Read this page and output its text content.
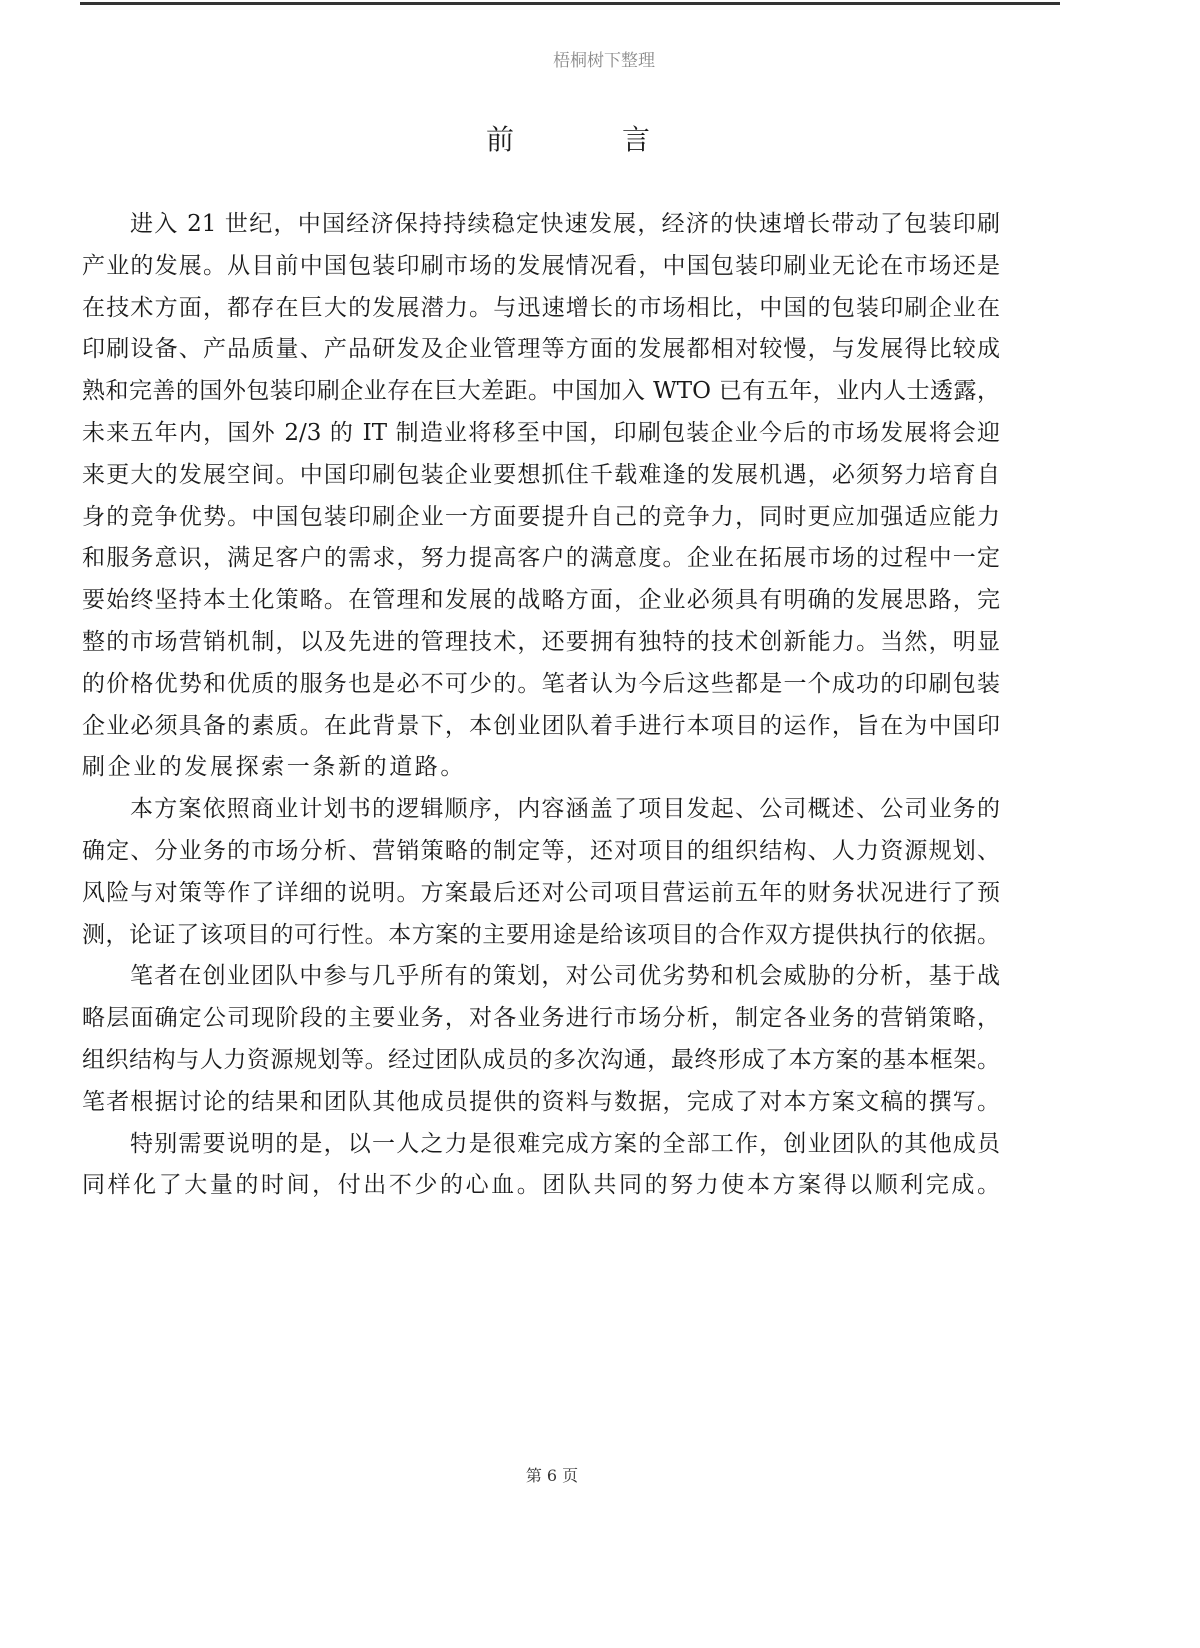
梧桐树下整理
前　言
进入 21 世纪，中国经济保持持续稳定快速发展，经济的快速增长带动了包装印刷
产业的发展。从目前中国包装印刷市场的发展情况看，中国包装印刷业无论在市场还是
在技术方面，都存在巨大的发展潜力。与迅速增长的市场相比，中国的包装印刷企业在
印刷设备、产品质量、产品研发及企业管理等方面的发展都相对较慢，与发展得比较成
熟和完善的国外包装印刷企业存在巨大差距。中国加入 WTO 已有五年，业内人士透露，
未来五年内，国外 2/3 的 IT 制造业将移至中国，印刷包装企业今后的市场发展将会迎
来更大的发展空间。中国印刷包装企业要想抓住千载难逢的发展机遇，必须努力培育自
身的竞争优势。中国包装印刷企业一方面要提升自己的竞争力，同时更应加强适应能力
和服务意识，满足客户的需求，努力提高客户的满意度。企业在拓展市场的过程中一定
要始终坚持本土化策略。在管理和发展的战略方面，企业必须具有明确的发展思路，完
整的市场营销机制，以及先进的管理技术，还要拥有独特的技术创新能力。当然，明显
的价格优势和优质的服务也是必不可少的。笔者认为今后这些都是一个成功的印刷包装
企业必须具备的素质。在此背景下，本创业团队着手进行本项目的运作，旨在为中国印
刷企业的发展探索一条新的道路。
本方案依照商业计划书的逻辑顺序，内容涵盖了项目发起、公司概述、公司业务的
确定、分业务的市场分析、营销策略的制定等，还对项目的组织结构、人力资源规划、
风险与对策等作了详细的说明。方案最后还对公司项目营运前五年的财务状况进行了预
测，论证了该项目的可行性。本方案的主要用途是给该项目的合作双方提供执行的依据。
笔者在创业团队中参与几乎所有的策划，对公司优劣势和机会威胁的分析，基于战
略层面确定公司现阶段的主要业务，对各业务进行市场分析，制定各业务的营销策略，
组织结构与人力资源规划等。经过团队成员的多次沟通，最终形成了本方案的基本框架。
笔者根据讨论的结果和团队其他成员提供的资料与数据，完成了对本方案文稿的撰写。
特别需要说明的是，以一人之力是很难完成方案的全部工作，创业团队的其他成员
同样化了大量的时间，付出不少的心血。团队共同的努力使本方案得以顺利完成。
第 6 页
